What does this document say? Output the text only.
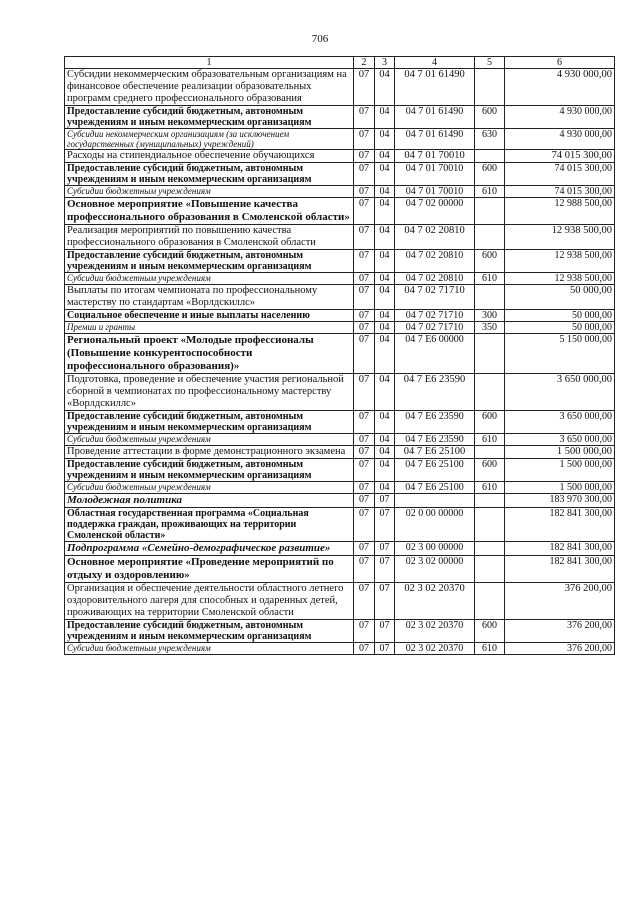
706
1	2	3	4	5	6
Субсидии некоммерческим образовательным организациям на финансовое обеспечение реализации образовательных программ среднего профессионального образования	07	04	04 7 01 61490		4 930 000,00
Предоставление субсидий бюджетным, автономным учреждениям и иным некоммерческим организациям	07	04	04 7 01 61490	600	4 930 000,00
Субсидии некоммерческим организациям (за исключением государственных (муниципальных) учреждений)	07	04	04 7 01 61490	630	4 930 000,00
Расходы на стипендиальное обеспечение обучающихся	07	04	04 7 01 70010		74 015 300,00
Предоставление субсидий бюджетным, автономным учреждениям и иным некоммерческим организациям	07	04	04 7 01 70010	600	74 015 300,00
Субсидии бюджетным учреждениям	07	04	04 7 01 70010	610	74 015 300,00
Основное мероприятие «Повышение качества профессионального образования в Смоленской области»	07	04	04 7 02 00000		12 988 500,00
Реализация мероприятий по повышению качества профессионального образования в Смоленской области	07	04	04 7 02 20810		12 938 500,00
Предоставление субсидий бюджетным, автономным учреждениям и иным некоммерческим организациям	07	04	04 7 02 20810	600	12 938 500,00
Субсидии бюджетным учреждениям	07	04	04 7 02 20810	610	12 938 500,00
Выплаты по итогам чемпионата по профессиональному мастерству по стандартам «Ворлдскиллс»	07	04	04 7 02 71710		50 000,00
Социальное обеспечение и иные выплаты населению	07	04	04 7 02 71710	300	50 000,00
Премии и гранты	07	04	04 7 02 71710	350	50 000,00
Региональный проект «Молодые профессионалы (Повышение конкурентоспособности профессионального образования)»	07	04	04 7 E6 00000		5 150 000,00
Подготовка, проведение и обеспечение участия региональной сборной в чемпионатах по профессиональному мастерству «Ворлдскиллс»	07	04	04 7 E6 23590		3 650 000,00
Предоставление субсидий бюджетным, автономным учреждениям и иным некоммерческим организациям	07	04	04 7 E6 23590	600	3 650 000,00
Субсидии бюджетным учреждениям	07	04	04 7 E6 23590	610	3 650 000,00
Проведение аттестации в форме демонстрационного экзамена	07	04	04 7 E6 25100		1 500 000,00
Предоставление субсидий бюджетным, автономным учреждениям и иным некоммерческим организациям	07	04	04 7 E6 25100	600	1 500 000,00
Субсидии бюджетным учреждениям	07	04	04 7 E6 25100	610	1 500 000,00
Молодежная политика	07	07			183 970 300,00
Областная государственная программа «Социальная поддержка граждан, проживающих на территории Смоленской области»	07	07	02 0 00 00000		182 841 300,00
Подпрограмма «Семейно-демографическое развитие»	07	07	02 3 00 00000		182 841 300,00
Основное мероприятие «Проведение мероприятий по отдыху и оздоровлению»	07	07	02 3 02 00000		182 841 300,00
Организация и обеспечение деятельности областного летнего оздоровительного лагеря для способных и одаренных детей, проживающих на территории Смоленской области	07	07	02 3 02 20370		376 200,00
Предоставление субсидий бюджетным, автономным учреждениям и иным некоммерческим организациям	07	07	02 3 02 20370	600	376 200,00
Субсидии бюджетным учреждениям	07	07	02 3 02 20370	610	376 200,00
